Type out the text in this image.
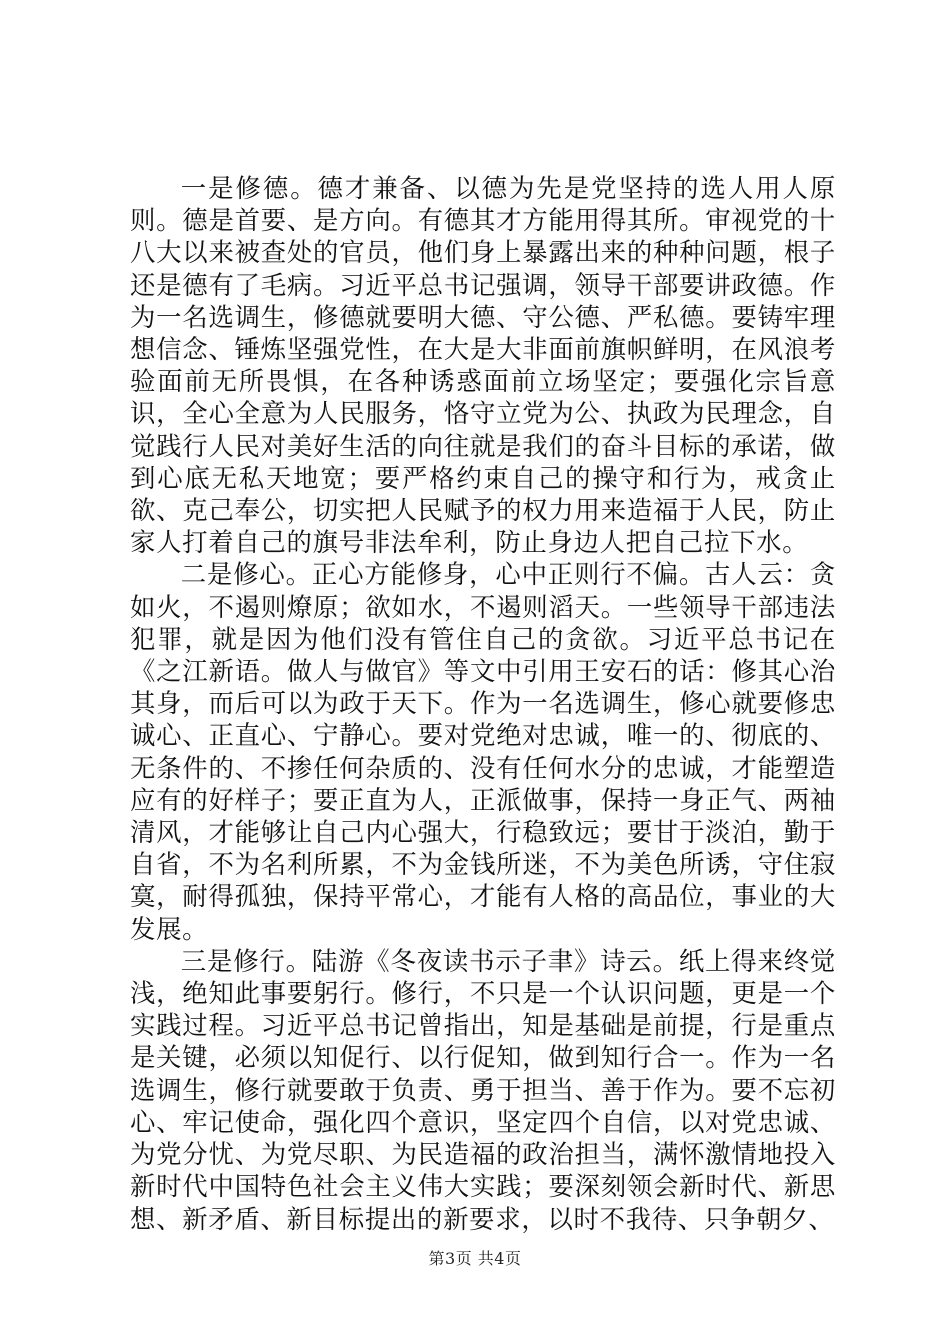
一是修德。德才兼备、以德为先是党坚持的选人用人原则。德是首要、是方向。有德其才方能用得其所。审视党的十八大以来被查处的官员，他们身上暴露出来的种种问题，根子还是德有了毛病。习近平总书记强调，领导干部要讲政德。作为一名选调生，修德就要明大德、守公德、严私德。要铸牢理想信念、锤炼坚强党性，在大是大非面前旗帜鲜明，在风浪考验面前无所畏惧，在各种诱惑面前立场坚定；要强化宗旨意识，全心全意为人民服务，恪守立党为公、执政为民理念，自觉践行人民对美好生活的向往就是我们的奋斗目标的承诺，做到心底无私天地宽；要严格约束自己的操守和行为，戒贪止欲、克己奉公，切实把人民赋予的权力用来造福于人民，防止家人打着自己的旗号非法牟利，防止身边人把自己拉下水。

二是修心。正心方能修身，心中正则行不偏。古人云：贪如火，不遏则燎原；欲如水，不遏则滔天。一些领导干部违法犯罪，就是因为他们没有管住自己的贪欲。习近平总书记在《之江新语。做人与做官》等文中引用王安石的话：修其心治其身，而后可以为政于天下。作为一名选调生，修心就要修忠诚心、正直心、宁静心。要对党绝对忠诚，唯一的、彻底的、无条件的、不掺任何杂质的、没有任何水分的忠诚，才能塑造应有的好样子；要正直为人，正派做事，保持一身正气、两袖清风，才能够让自己内心强大，行稳致远；要甘于淡泊，勤于自省，不为名利所累，不为金钱所迷，不为美色所诱，守住寂寞，耐得孤独，保持平常心，才能有人格的高品位，事业的大发展。

三是修行。陆游《冬夜读书示子聿》诗云。纸上得来终觉浅，绝知此事要躬行。修行，不只是一个认识问题，更是一个实践过程。习近平总书记曾指出，知是基础是前提，行是重点是关键，必须以知促行、以行促知，做到知行合一。作为一名选调生，修行就要敢于负责、勇于担当、善于作为。要不忘初心、牢记使命，强化四个意识，坚定四个自信，以对党忠诚、为党分忧、为党尽职、为民造福的政治担当，满怀激情地投入新时代中国特色社会主义伟大实践；要深刻领会新时代、新思想、新矛盾、新目标提出的新要求，以时不我待、只争朝夕、

第3页 共4页
